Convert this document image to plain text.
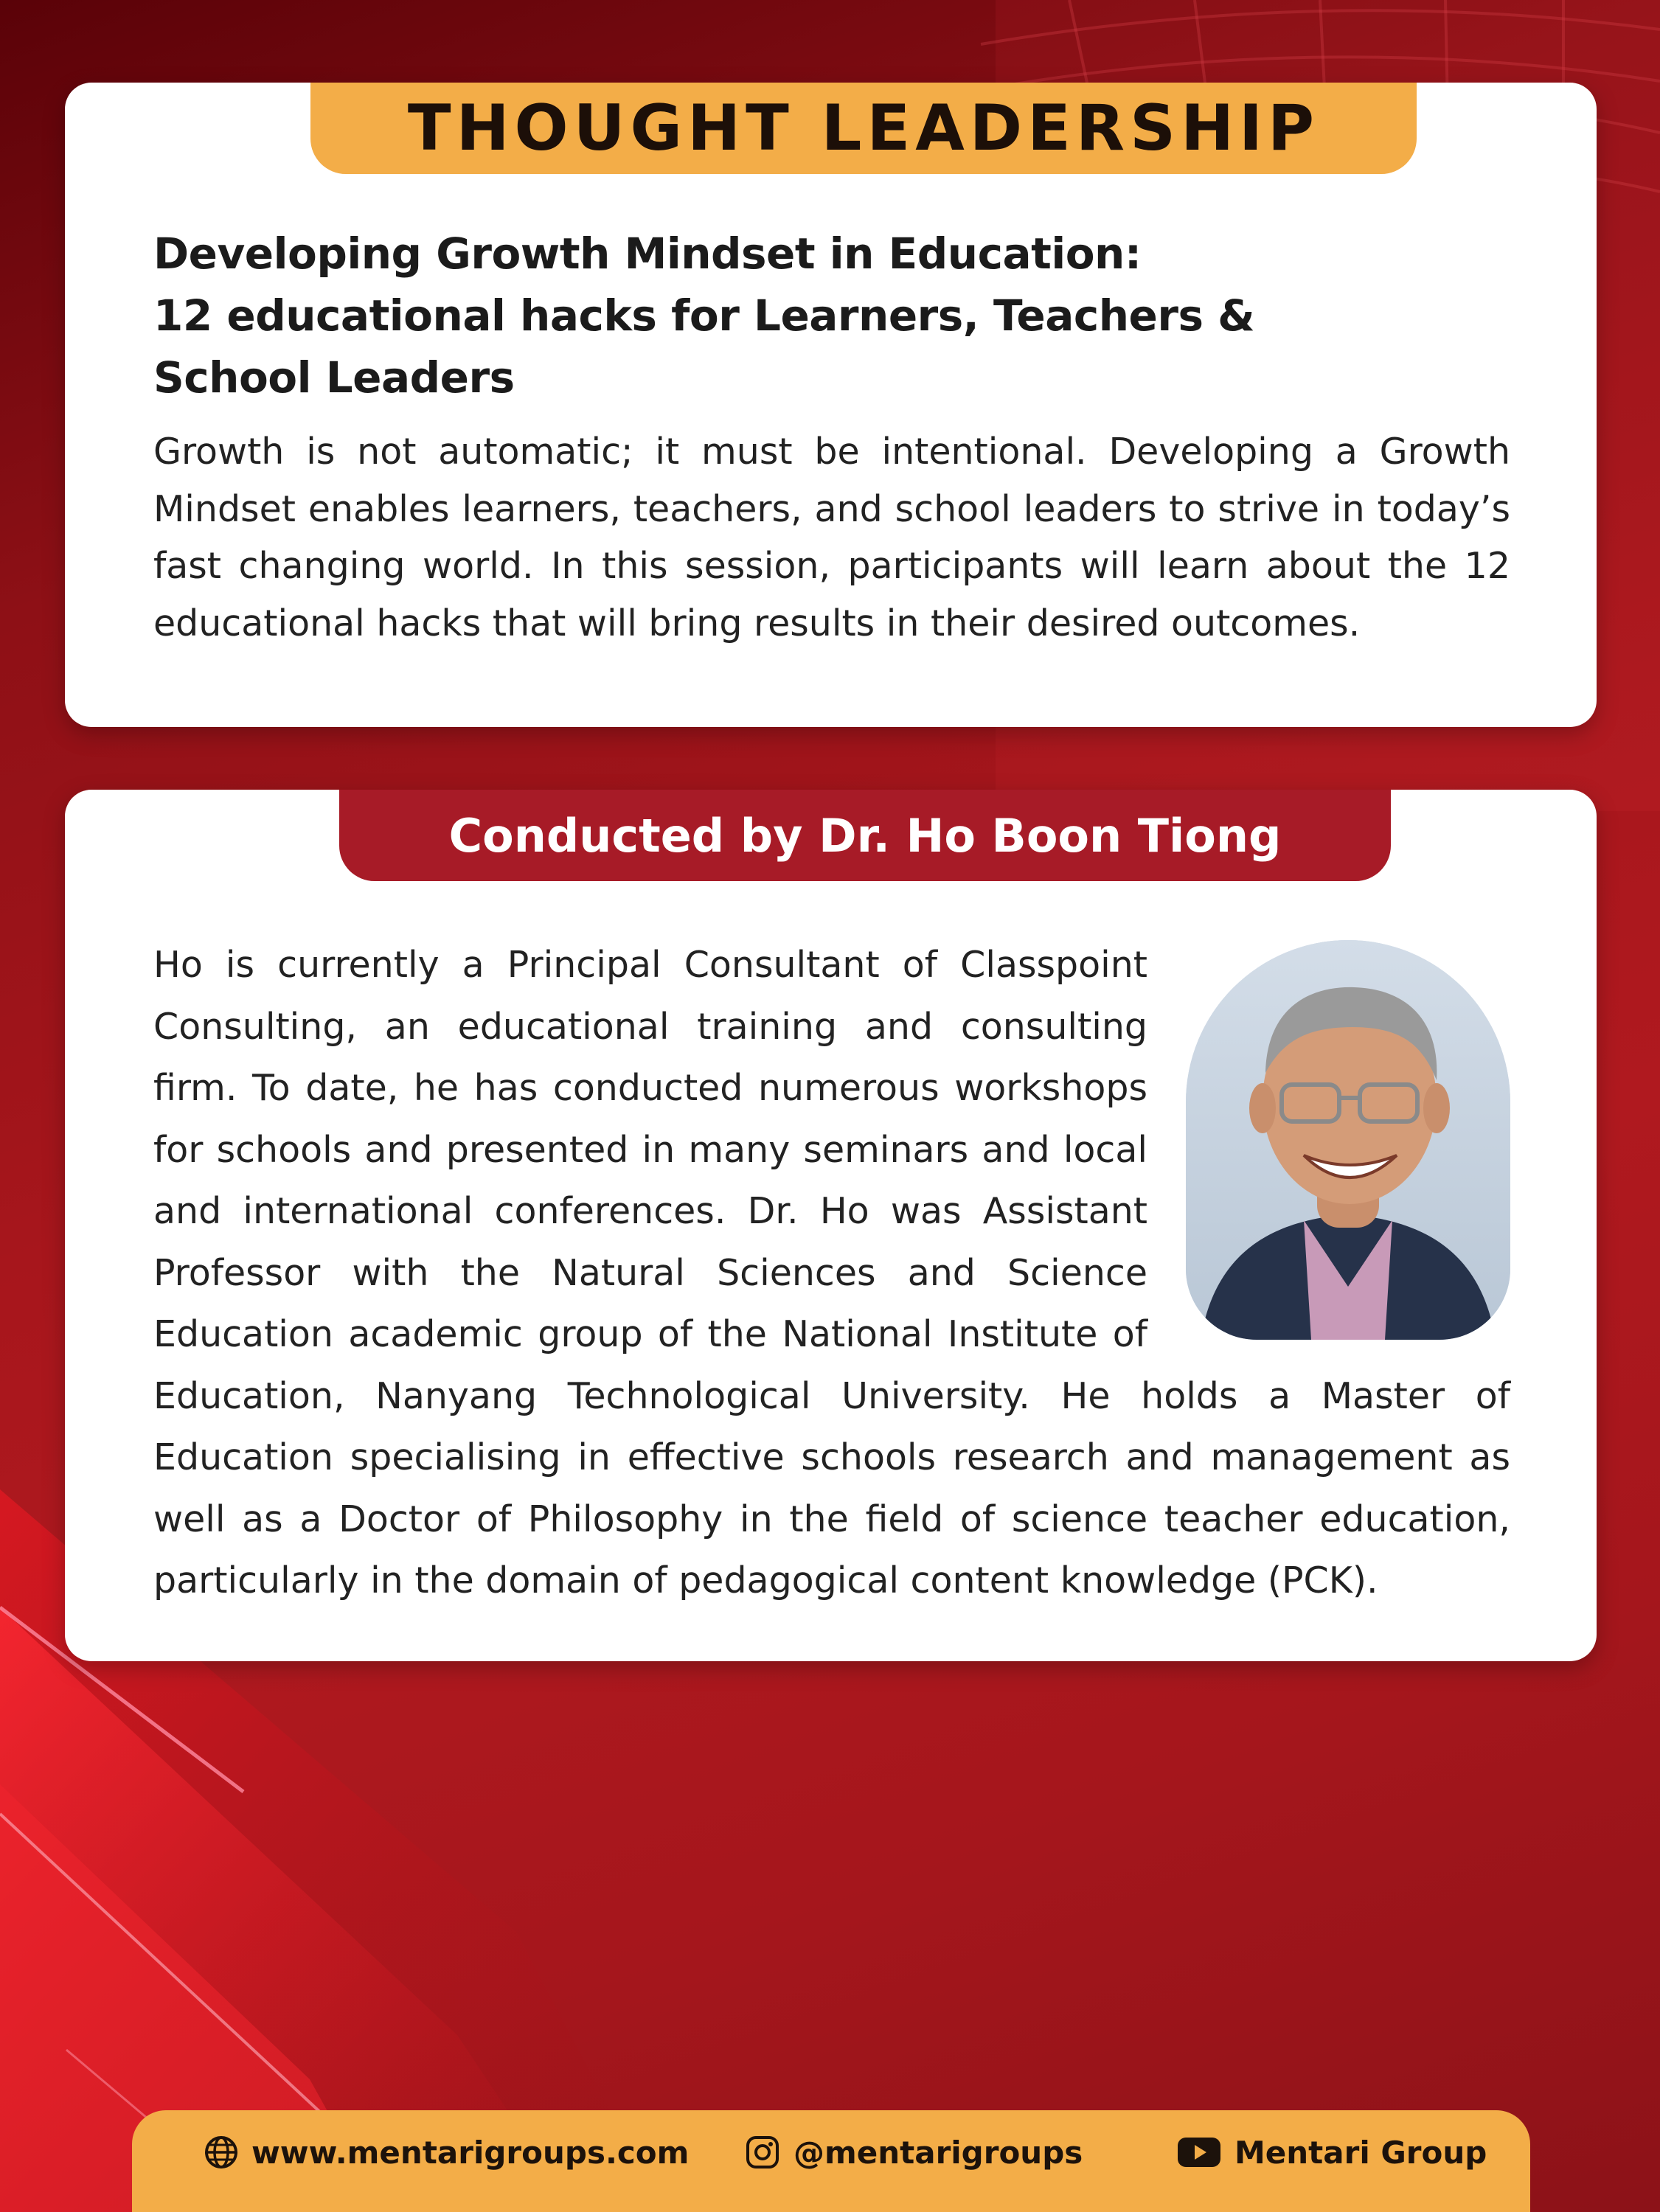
THOUGHT LEADERSHIP
Developing Growth Mindset in Education:
12 educational hacks for Learners, Teachers &
School Leaders

Growth is not automatic; it must be intentional. Developing a Growth Mindset enables learners, teachers, and school leaders to strive in today’s fast changing world. In this session, participants will learn about the 12 educational hacks that will bring results in their desired outcomes.

Conducted by Dr. Ho Boon Tiong
Ho is currently a Principal Consultant of Classpoint Consulting, an educational training and consulting firm. To date, he has conducted numerous workshops for schools and presented in many seminars and local and international conferences. Dr. Ho was Assistant Professor with the Natural Sciences and Science Education academic group of the National Institute of Education, Nanyang Technological University. He holds a Master of Education specialising in effective schools research and management as well as a Doctor of Philosophy in the field of science teacher education, particularly in the domain of pedagogical content knowledge (PCK).
www.mentarigroups.com	@mentarigroups	Mentari Group
